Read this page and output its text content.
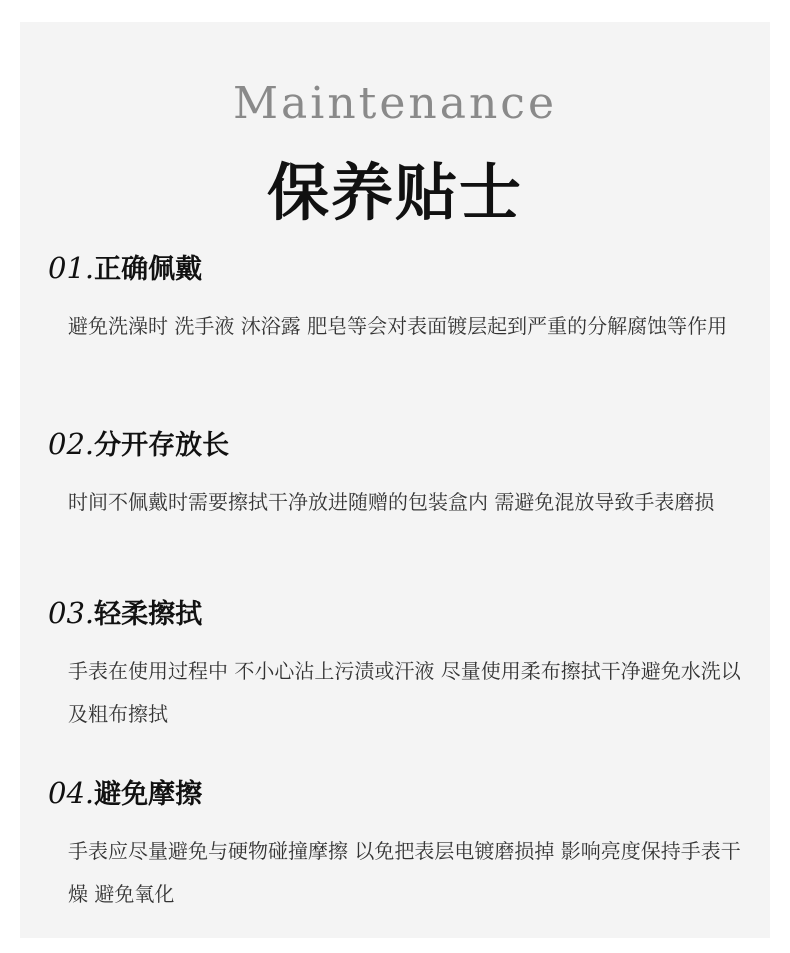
Maintenance
保养贴士
01.正确佩戴
避免洗澡时 洗手液 沐浴露 肥皂等会对表面镀层起到严重的分解腐蚀等作用
02.分开存放长
时间不佩戴时需要擦拭干净放进随赠的包装盒内 需避免混放导致手表磨损
03.轻柔擦拭
手表在使用过程中 不小心沾上污渍或汗液 尽量使用柔布擦拭干净避免水洗以及粗布擦拭
04.避免摩擦
手表应尽量避免与硬物碰撞摩擦 以免把表层电镀磨损掉 影响亮度保持手表干燥 避免氧化
